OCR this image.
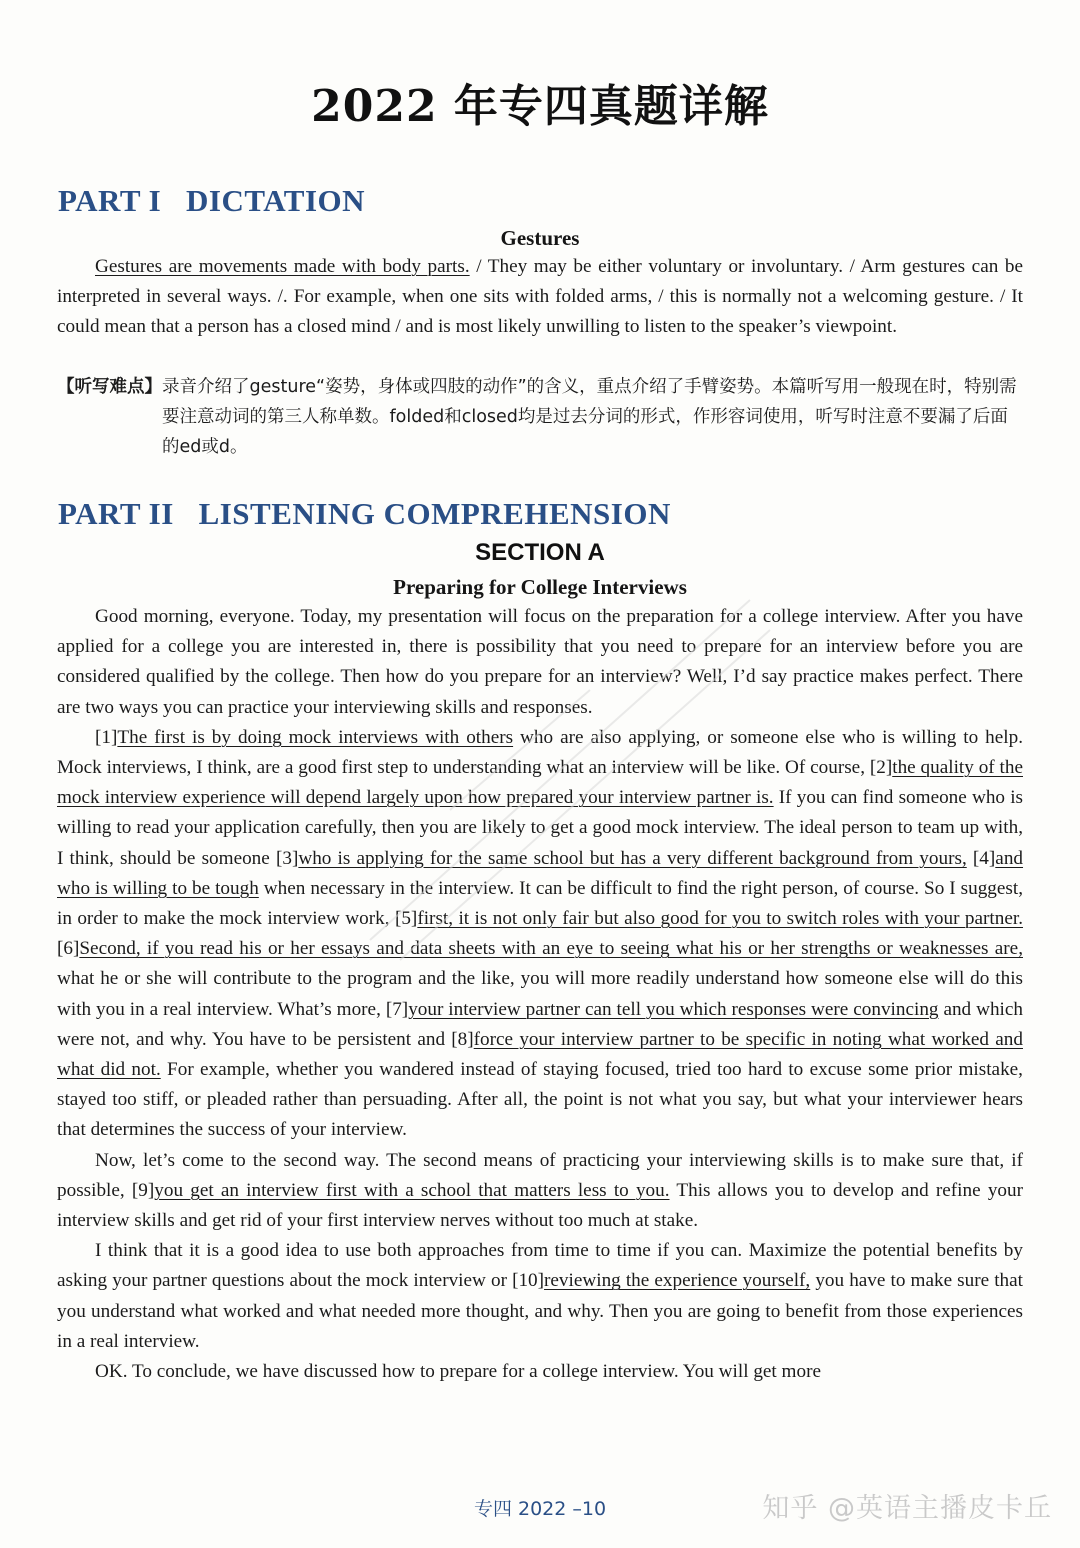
2022 年专四真题详解
PART I   DICTATION
Gestures

Gestures are movements made with body parts. / They may be either voluntary or involuntary. / Arm gestures can be interpreted in several ways. /. For example, when one sits with folded arms, / this is normally not a welcoming gesture. / It could mean that a person has a closed mind / and is most likely unwilling to listen to the speaker’s viewpoint.

【听写难点】 录音介绍了gesture“姿势，身体或四肢的动作”的含义，重点介绍了手臂姿势。本篇听写用一般现在时，特别需要注意动词的第三人称单数。folded和closed均是过去分词的形式，作形容词使用，听写时注意不要漏了后面的ed或d。
PART II   LISTENING COMPREHENSION
SECTION A
Preparing for College Interviews

Good morning, everyone. Today, my presentation will focus on the preparation for a college interview. After you have applied for a college you are interested in, there is possibility that you need to prepare for an interview before you are considered qualified by the college. Then how do you prepare for an interview? Well, I’d say practice makes perfect. There are two ways you can practice your interviewing skills and responses.

[1]The first is by doing mock interviews with others who are also applying, or someone else who is willing to help. Mock interviews, I think, are a good first step to understanding what an interview will be like. Of course, [2]the quality of the mock interview experience will depend largely upon how prepared your interview partner is. If you can find someone who is willing to read your application carefully, then you are likely to get a good mock interview. The ideal person to team up with, I think, should be someone [3]who is applying for the same school but has a very different background from yours, [4]and who is willing to be tough when necessary in the interview. It can be difficult to find the right person, of course. So I suggest, in order to make the mock interview work, [5]first, it is not only fair but also good for you to switch roles with your partner. [6]Second, if you read his or her essays and data sheets with an eye to seeing what his or her strengths or weaknesses are, what he or she will contribute to the program and the like, you will more readily understand how someone else will do this with you in a real interview. What’s more, [7]your interview partner can tell you which responses were convincing and which were not, and why. You have to be persistent and [8]force your interview partner to be specific in noting what worked and what did not. For example, whether you wandered instead of staying focused, tried too hard to excuse some prior mistake, stayed too stiff, or pleaded rather than persuading. After all, the point is not what you say, but what your interviewer hears that determines the success of your interview.

Now, let’s come to the second way. The second means of practicing your interviewing skills is to make sure that, if possible, [9]you get an interview first with a school that matters less to you. This allows you to develop and refine your interview skills and get rid of your first interview nerves without too much at stake.

I think that it is a good idea to use both approaches from time to time if you can. Maximize the potential benefits by asking your partner questions about the mock interview or [10]reviewing the experience yourself, you have to make sure that you understand what worked and what needed more thought, and why. Then you are going to benefit from those experiences in a real interview.

OK. To conclude, we have discussed how to prepare for a college interview. You will get more

专四 2022 –10	知乎 @英语主播皮卡丘
